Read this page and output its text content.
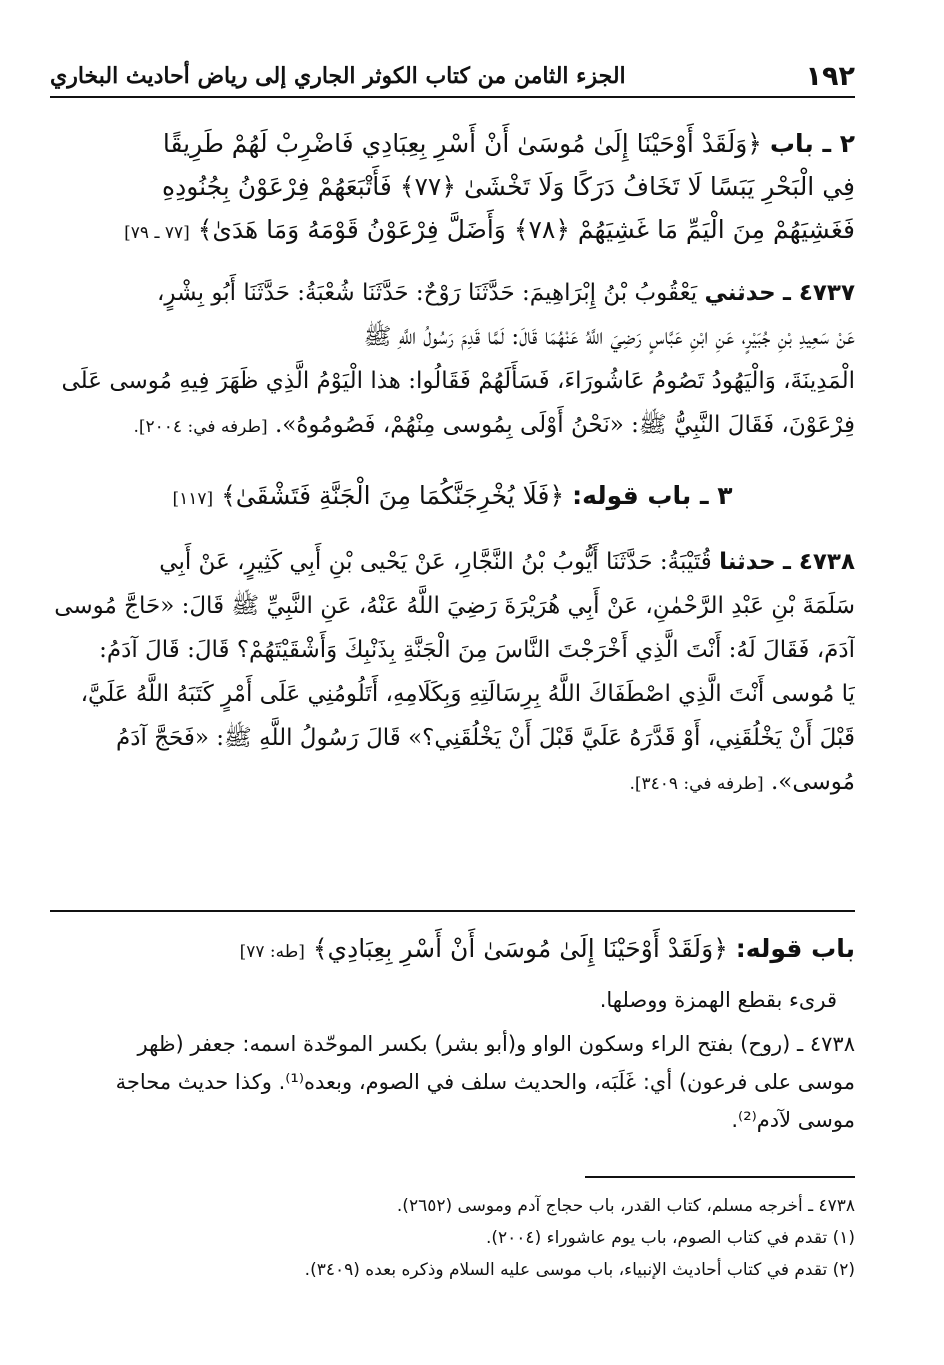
١٩٢
الجزء الثامن من كتاب الكوثر الجاري إلى رياض أحاديث البخاري
٢ ـ باب ﴿وَلَقَدْ أَوْحَيْنَا إِلَىٰ مُوسَىٰ أَنْ أَسْرِ بِعِبَادِي فَاضْرِبْ لَهُمْ طَرِيقًا
فِي الْبَحْرِ يَبَسًا لَا تَخَافُ دَرَكًا وَلَا تَخْشَىٰ ﴿٧٧﴾ فَأَتْبَعَهُمْ فِرْعَوْنُ بِجُنُودِهِ
فَغَشِيَهُمْ مِنَ الْيَمِّ مَا غَشِيَهُمْ ﴿٧٨﴾ وَأَضَلَّ فِرْعَوْنُ قَوْمَهُ وَمَا هَدَىٰ﴾ [٧٧ ـ ٧٩]
٤٧٣٧ ـ حدثني يَعْقُوبُ بْنُ إِبْرَاهِيمَ: حَدَّثَنَا رَوْحٌ: حَدَّثَنَا شُعْبَةُ: حَدَّثَنَا أَبُو بِشْرٍ،
عَنْ سَعِيدِ بْنِ جُبَيْرٍ، عَنِ ابْنِ عَبَّاسٍ رَضِيَ اللَّهُ عَنْهُمَا قَالَ: لَمَّا قَدِمَ رَسُولُ اللَّهِ ﷺ
الْمَدِينَةَ، وَالْيَهُودُ تَصُومُ عَاشُورَاءَ، فَسَأَلَهُمْ فَقَالُوا: هذا الْيَوْمُ الَّذِي ظَهَرَ فِيهِ مُوسى عَلَى
فِرْعَوْنَ، فَقَالَ النَّبِيُّ ﷺ: «نَحْنُ أَوْلَى بِمُوسى مِنْهُمْ، فَصُومُوهُ». [طرفه في: ٢٠٠٤].
٣ ـ باب قوله: ﴿فَلَا يُخْرِجَنَّكُمَا مِنَ الْجَنَّةِ فَتَشْقَىٰ﴾ [١١٧]
٤٧٣٨ ـ حدثنا قُتَيْبَةُ: حَدَّثَنَا أَيُّوبُ بْنُ النَّجَّارِ، عَنْ يَحْيى بْنِ أَبِي كَثِيرٍ، عَنْ أَبِي
سَلَمَةَ بْنِ عَبْدِ الرَّحْمٰنِ، عَنْ أَبِي هُرَيْرَةَ رَضِيَ اللَّهُ عَنْهُ، عَنِ النَّبِيِّ ﷺ قَالَ: «حَاجَّ مُوسى
آدَمَ، فَقَالَ لَهُ: أَنْتَ الَّذِي أَخْرَجْتَ النَّاسَ مِنَ الْجَنَّةِ بِذَنْبِكَ وَأَشْقَيْتَهُمْ؟ قَالَ: قَالَ آدَمُ:
يَا مُوسى أَنْتَ الَّذِي اصْطَفَاكَ اللَّهُ بِرِسَالَتِهِ وَبِكَلَامِهِ، أَتَلُومُنِي عَلَى أَمْرٍ كَتَبَهُ اللَّهُ عَلَيَّ،
قَبْلَ أَنْ يَخْلُقَنِي، أَوْ قَدَّرَهُ عَلَيَّ قَبْلَ أَنْ يَخْلُقَنِي؟» قَالَ رَسُولُ اللَّهِ ﷺ: «فَحَجَّ آدَمُ
مُوسى». [طرفه في: ٣٤٠٩].
باب قوله: ﴿وَلَقَدْ أَوْحَيْنَا إِلَىٰ مُوسَىٰ أَنْ أَسْرِ بِعِبَادِي﴾ [طه: ٧٧]
قرىء بقطع الهمزة ووصلها.
٤٧٣٨ ـ (روح) بفتح الراء وسكون الواو و(أبو بشر) بكسر الموحّدة اسمه: جعفر (ظهر
موسى على فرعون) أي: غَلَبَه، والحديث سلف في الصوم، وبعده⁽¹⁾. وكذا حديث محاجة
موسى لآدم⁽²⁾.
٤٧٣٨ ـ أخرجه مسلم، كتاب القدر، باب حجاج آدم وموسى (٢٦٥٢).
(١) تقدم في كتاب الصوم، باب يوم عاشوراء (٢٠٠٤).
(٢) تقدم في كتاب أحاديث الإنبياء، باب موسى عليه السلام وذكره بعده (٣٤٠٩).
